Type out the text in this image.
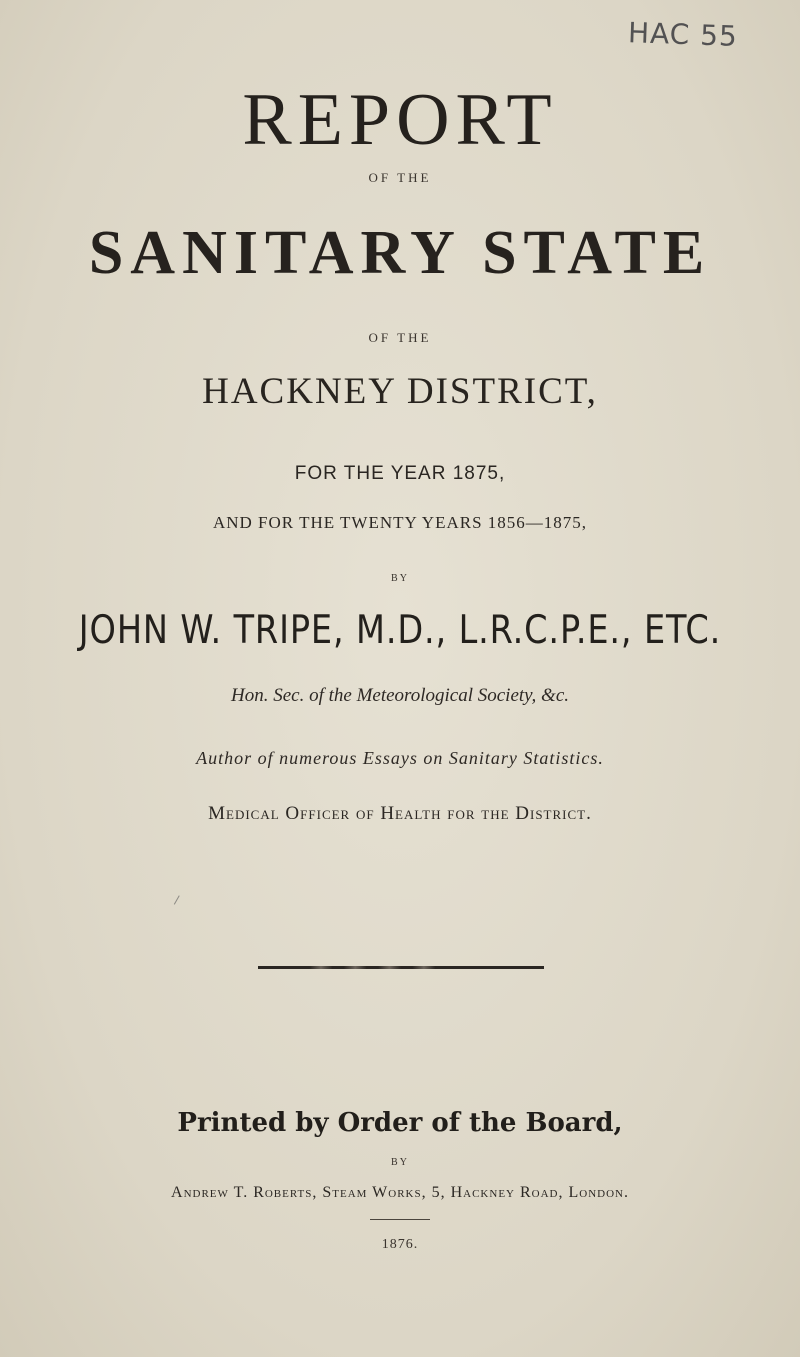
HAC 55
REPORT
OF THE
SANITARY STATE
OF THE
HACKNEY DISTRICT,
FOR THE YEAR 1875,
AND FOR THE TWENTY YEARS 1856—1875,
BY
JOHN W. TRIPE, M.D., L.R.C.P.E., ETC.
Hon. Sec. of the Meteorological Society, &c.
Author of numerous Essays on Sanitary Statistics.
Medical Officer of Health for the District.
Printed by Order of the Board,
BY
Andrew T. Roberts, Steam Works, 5, Hackney Road, London.
1876.
